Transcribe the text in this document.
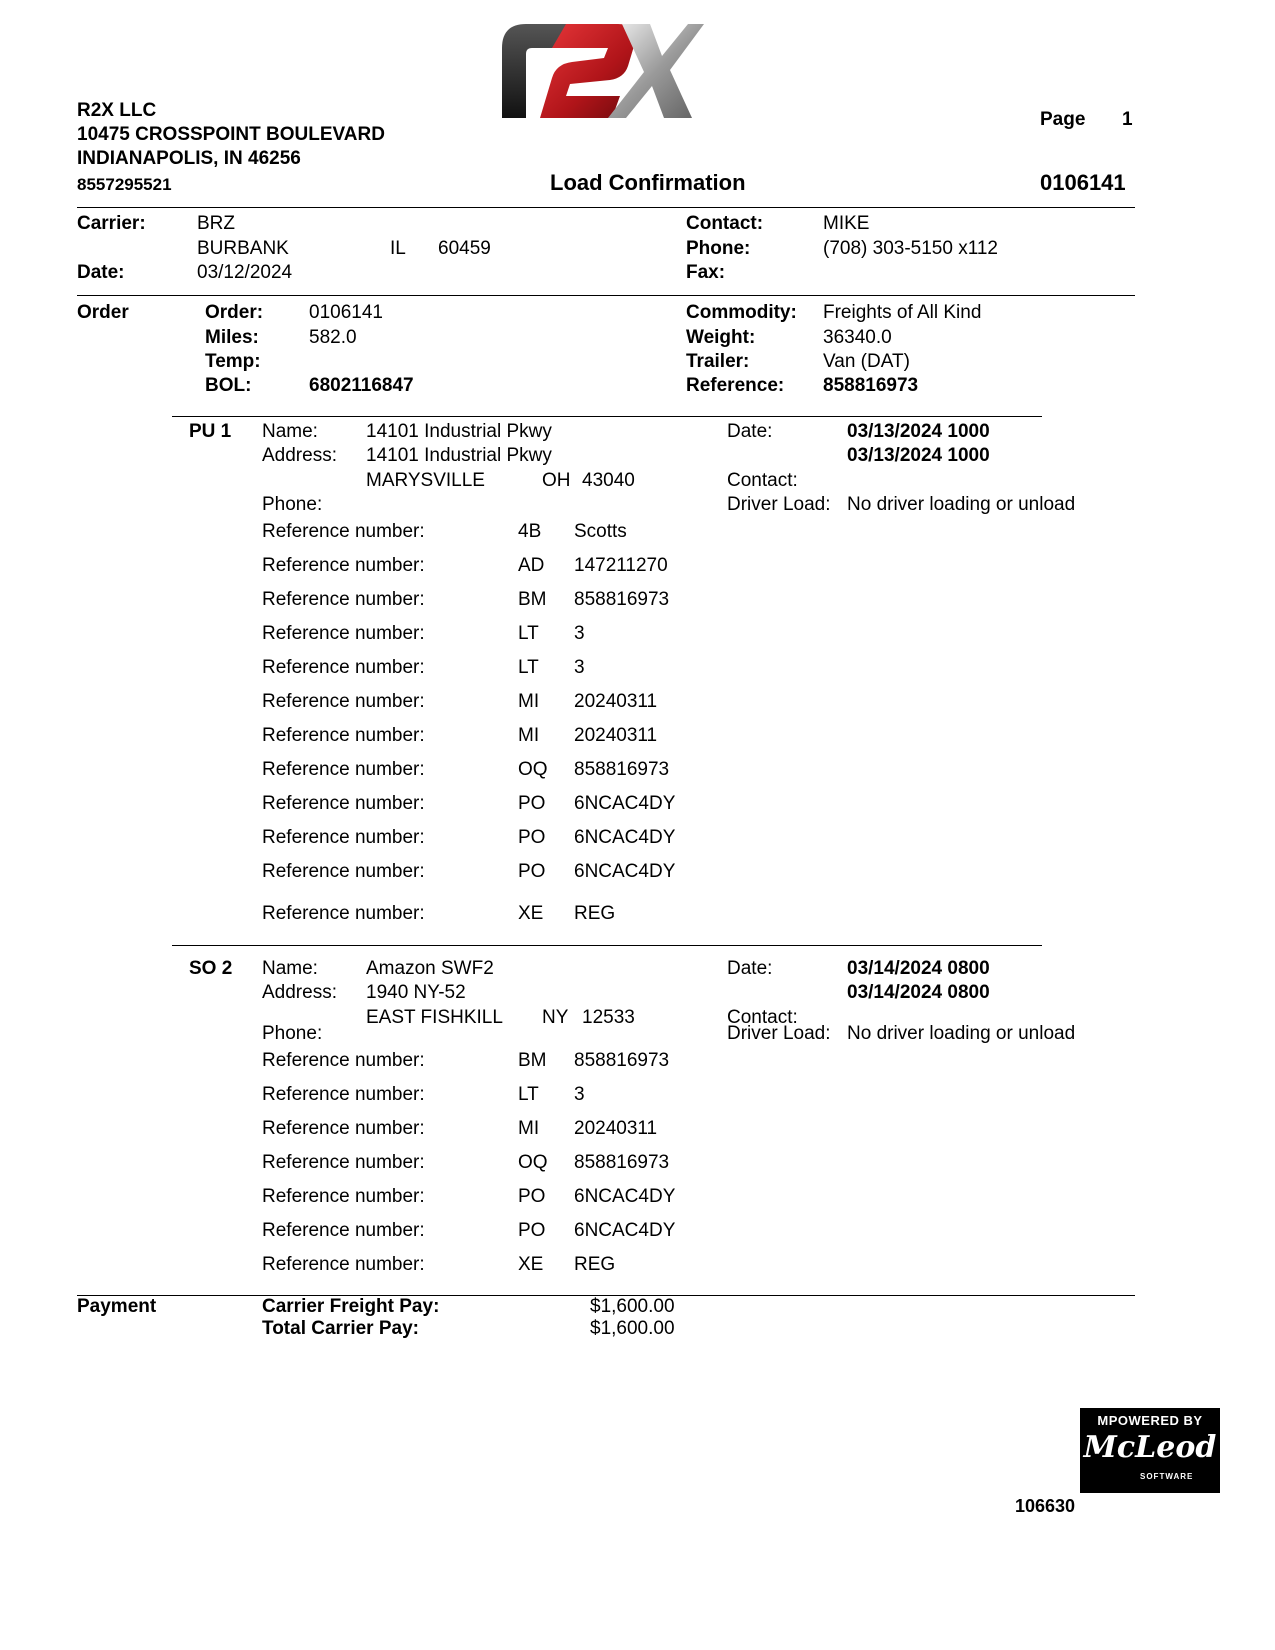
R2X LLC
10475 CROSSPOINT BOULEVARD
INDIANAPOLIS, IN 46256
8557295521
Page 1
Load Confirmation	0106141
Carrier:	BRZ
BURBANK	IL 60459
Date:	03/12/2024
Contact:	MIKE
Phone:	(708) 303-5150 x112
Fax:
Order	Order: 0106141
Miles:	582.0
Temp:
BOL:	6802116847
Commodity: Freights of All Kind
Weight:	36340.0
Trailer:	Van (DAT)
Reference: 858816973
PU 1 Name:	14101 Industrial Pkwy
Address: 14101 Industrial Pkwy
MARYSVILLE	OH 43040
Phone:
Date:	03/13/2024 1000
03/13/2024 1000
Contact:
Driver Load: No driver loading or unload
Reference number:	4B Scotts
Reference number:	AD 147211270
Reference number:	BM 858816973
Reference number:	LT 3
Reference number:	LT 3
Reference number:	MI 20240311
Reference number:	MI 20240311
Reference number:	OQ 858816973
Reference number:	PO 6NCAC4DY
Reference number:	PO 6NCAC4DY
Reference number:	PO 6NCAC4DY
Reference number:	XE REG
SO 2 Name:	Amazon SWF2
Address: 1940 NY-52
EAST FISHKILL NY 12533
Phone:
Date:	03/14/2024 0800
03/14/2024 0800
Contact:
Driver Load: No driver loading or unload
Reference number:	BM 858816973
Reference number:	LT 3
Reference number:	MI 20240311
Reference number:	OQ 858816973
Reference number:	PO 6NCAC4DY
Reference number:	PO 6NCAC4DY
Reference number:	XE REG
Payment	Carrier Freight Pay:	$1,600.00
Total Carrier Pay:	$1,600.00
MPOWERED BY
McLeod
SOFTWARE
106630
